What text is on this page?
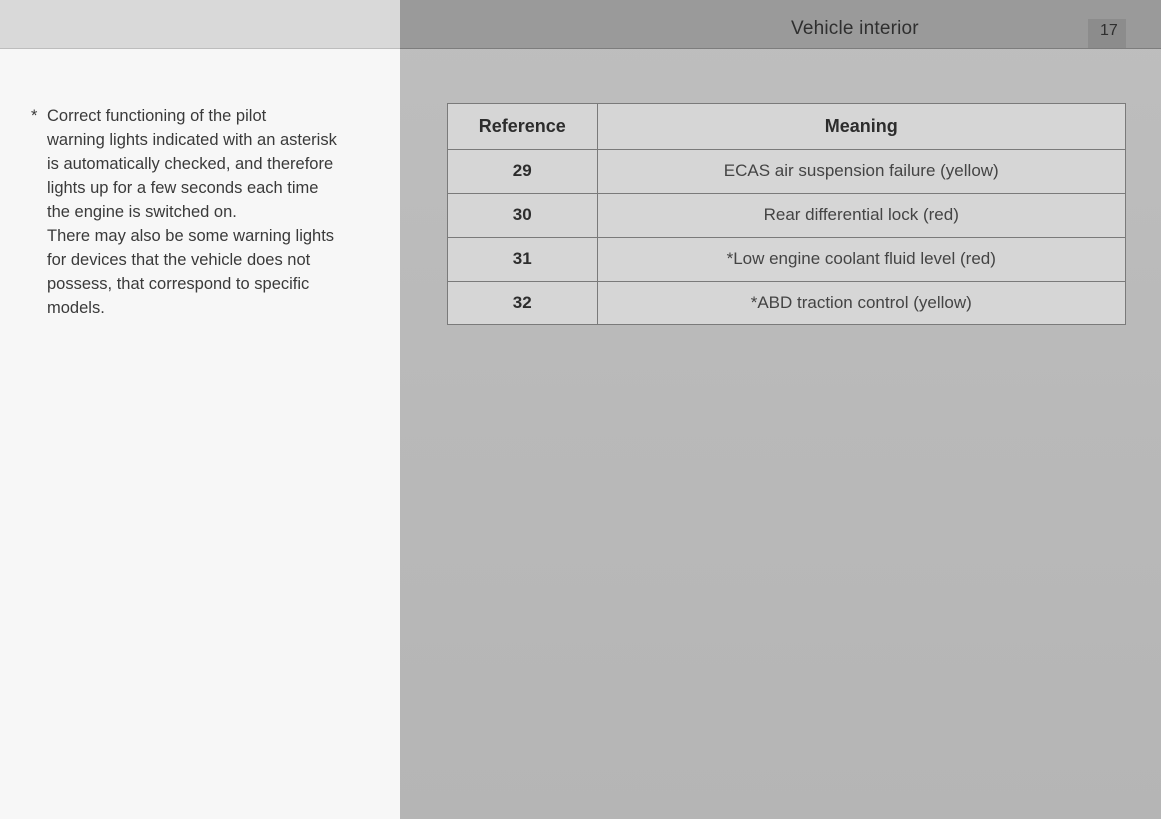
Vehicle interior	17
* Correct functioning of the pilot
warning lights indicated with an asterisk
is automatically checked, and therefore
lights up for a few seconds each time
the engine is switched on.
There may also be some warning lights
for devices that the vehicle does not
possess, that correspond to specific
models.
Reference	Meaning
29	ECAS air suspension failure (yellow)
30	Rear differential lock (red)
31	*Low engine coolant fluid level (red)
32	*ABD traction control (yellow)
